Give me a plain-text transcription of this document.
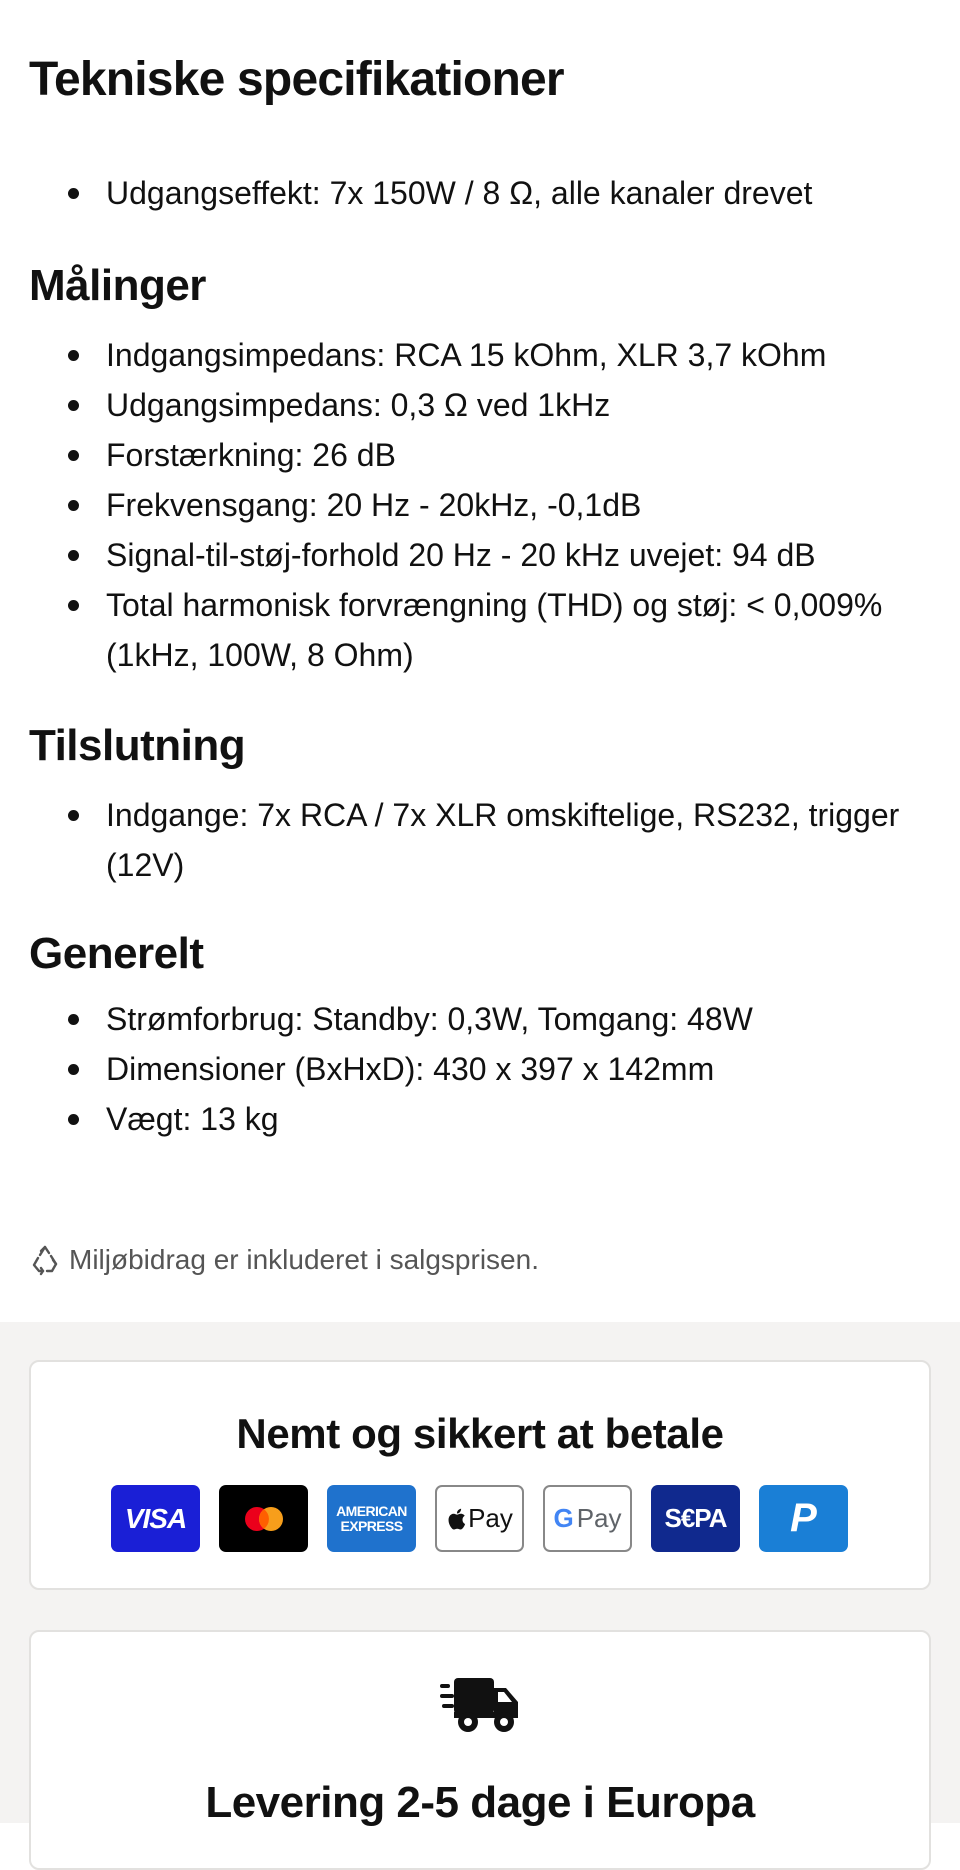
Tekniske specifikationer
Udgangseffekt: 7x 150W / 8 Ω, alle kanaler drevet
Målinger
Indgangsimpedans: RCA 15 kOhm, XLR 3,7 kOhm
Udgangsimpedans: 0,3 Ω ved 1kHz
Forstærkning: 26 dB
Frekvensgang: 20 Hz - 20kHz, -0,1dB
Signal-til-støj-forhold 20 Hz - 20 kHz uvejet: 94 dB
Total harmonisk forvrængning (THD) og støj: < 0,009% (1kHz, 100W, 8 Ohm)
Tilslutning
Indgange: 7x RCA / 7x XLR omskiftelige, RS232, trigger (12V)
Generelt
Strømforbrug: Standby: 0,3W, Tomgang: 48W
Dimensioner (BxHxD): 430 x 397 x 142mm
Vægt: 13 kg
Miljøbidrag er inkluderet i salgsprisen.
Nemt og sikkert at betale
VISA	AMERICAN
EXPRESS	Pay G Pay S€PA P
Levering 2-5 dage i Europa
